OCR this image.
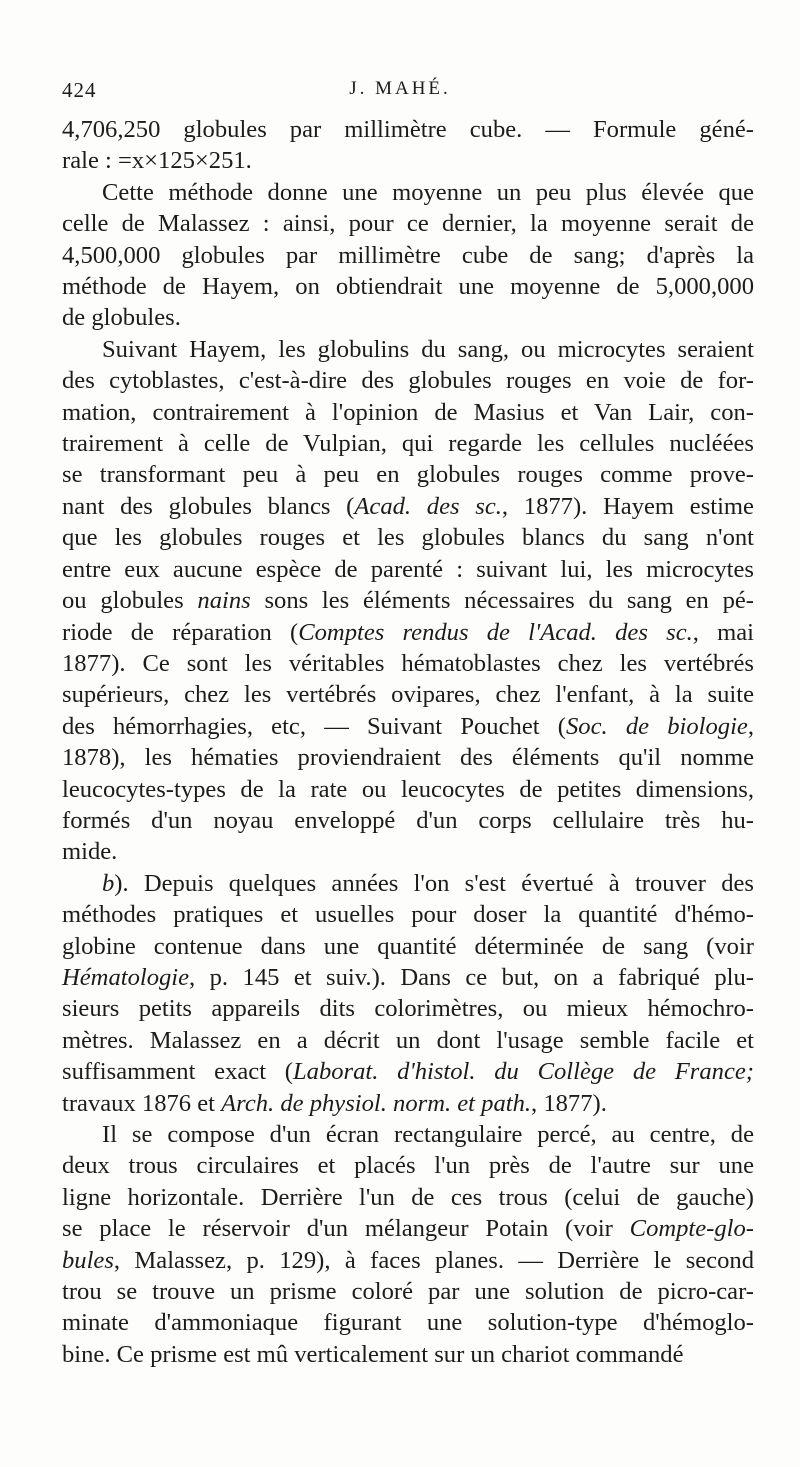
424	J. MAHÉ.

4,706,250 globules par millimètre cube. — Formule géné-
rale : =x×125×251.

Cette méthode donne une moyenne un peu plus élevée que
celle de Malassez : ainsi, pour ce dernier, la moyenne serait de
4,500,000 globules par millimètre cube de sang; d'après la
méthode de Hayem, on obtiendrait une moyenne de 5,000,000
de globules.

Suivant Hayem, les globulins du sang, ou microcytes seraient
des cytoblastes, c'est-à-dire des globules rouges en voie de for-
mation, contrairement à l'opinion de Masius et Van Lair, con-
trairement à celle de Vulpian, qui regarde les cellules nucléées
se transformant peu à peu en globules rouges comme prove-
nant des globules blancs (Acad. des sc., 1877). Hayem estime
que les globules rouges et les globules blancs du sang n'ont
entre eux aucune espèce de parenté : suivant lui, les microcytes
ou globules nains sons les éléments nécessaires du sang en pé-
riode de réparation (Comptes rendus de l'Acad. des sc., mai
1877). Ce sont les véritables hématoblastes chez les vertébrés
supérieurs, chez les vertébrés ovipares, chez l'enfant, à la suite
des hémorrhagies, etc, — Suivant Pouchet (Soc. de biologie,
1878), les hématies proviendraient des éléments qu'il nomme
leucocytes-types de la rate ou leucocytes de petites dimensions,
formés d'un noyau enveloppé d'un corps cellulaire très hu-
mide.

b). Depuis quelques années l'on s'est évertué à trouver des
méthodes pratiques et usuelles pour doser la quantité d'hémo-
globine contenue dans une quantité déterminée de sang (voir
Hématologie, p. 145 et suiv.). Dans ce but, on a fabriqué plu-
sieurs petits appareils dits colorimètres, ou mieux hémochro-
mètres. Malassez en a décrit un dont l'usage semble facile et
suffisamment exact (Laborat. d'histol. du Collège de France;
travaux 1876 et Arch. de physiol. norm. et path., 1877).

Il se compose d'un écran rectangulaire percé, au centre, de
deux trous circulaires et placés l'un près de l'autre sur une
ligne horizontale. Derrière l'un de ces trous (celui de gauche)
se place le réservoir d'un mélangeur Potain (voir Compte-glo-
bules, Malassez, p. 129), à faces planes. — Derrière le second
trou se trouve un prisme coloré par une solution de picro-car-
minate d'ammoniaque figurant une solution-type d'hémoglo-
bine. Ce prisme est mû verticalement sur un chariot commandé
